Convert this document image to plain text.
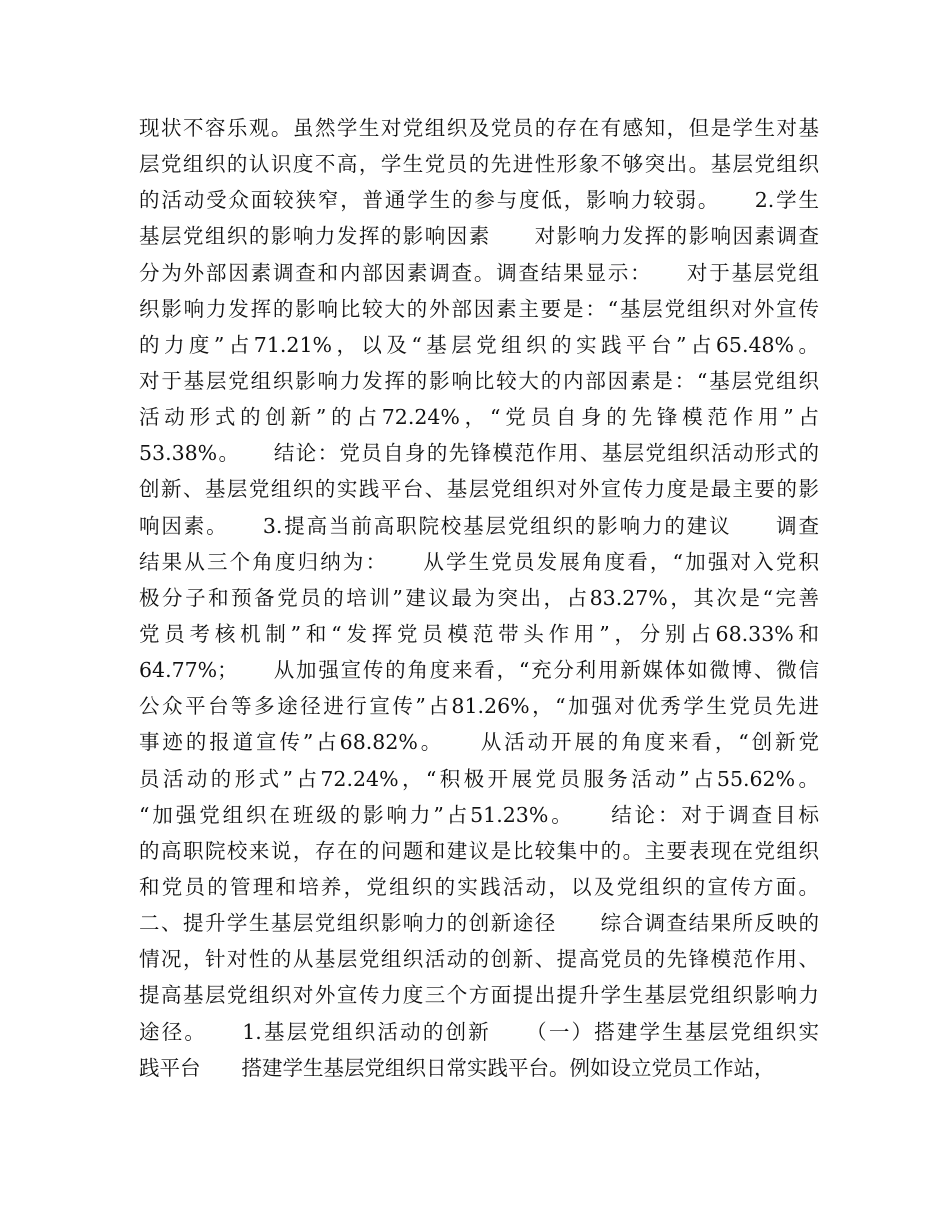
现状不容乐观。虽然学生对党组织及党员的存在有感知，但是学生对基
层党组织的认识度不高，学生党员的先进性形象不够突出。基层党组织
的活动受众面较狭窄，普通学生的参与度低，影响力较弱。　　2.学生
基层党组织的影响力发挥的影响因素　　对影响力发挥的影响因素调查
分为外部因素调查和内部因素调查。调查结果显示：　　对于基层党组
织影响力发挥的影响比较大的外部因素主要是：“基层党组织对外宣传
的力度”占71.21%，以及“基层党组织的实践平台”占65.48%。
对于基层党组织影响力发挥的影响比较大的内部因素是：“基层党组织
活动形式的创新”的占72.24%，“党员自身的先锋模范作用”占
53.38%。　　结论：党员自身的先锋模范作用、基层党组织活动形式的
创新、基层党组织的实践平台、基层党组织对外宣传力度是最主要的影
响因素。　　3.提高当前高职院校基层党组织的影响力的建议　　调查
结果从三个角度归纳为：　　从学生党员发展角度看，“加强对入党积
极分子和预备党员的培训”建议最为突出，占83.27%，其次是“完善
党员考核机制”和“发挥党员模范带头作用”，分别占68.33%和
64.77%；　　从加强宣传的角度来看，“充分利用新媒体如微博、微信
公众平台等多途径进行宣传”占81.26%，“加强对优秀学生党员先进
事迹的报道宣传”占68.82%。　　从活动开展的角度来看，“创新党
员活动的形式”占72.24%，“积极开展党员服务活动”占55.62%。
“加强党组织在班级的影响力”占51.23%。　　结论：对于调查目标
的高职院校来说，存在的问题和建议是比较集中的。主要表现在党组织
和党员的管理和培养，党组织的实践活动，以及党组织的宣传方面。
二、提升学生基层党组织影响力的创新途径　　综合调查结果所反映的
情况，针对性的从基层党组织活动的创新、提高党员的先锋模范作用、
提高基层党组织对外宣传力度三个方面提出提升学生基层党组织影响力
途径。　　1.基层党组织活动的创新　　（一）搭建学生基层党组织实
践平台　　搭建学生基层党组织日常实践平台。例如设立党员工作站，
